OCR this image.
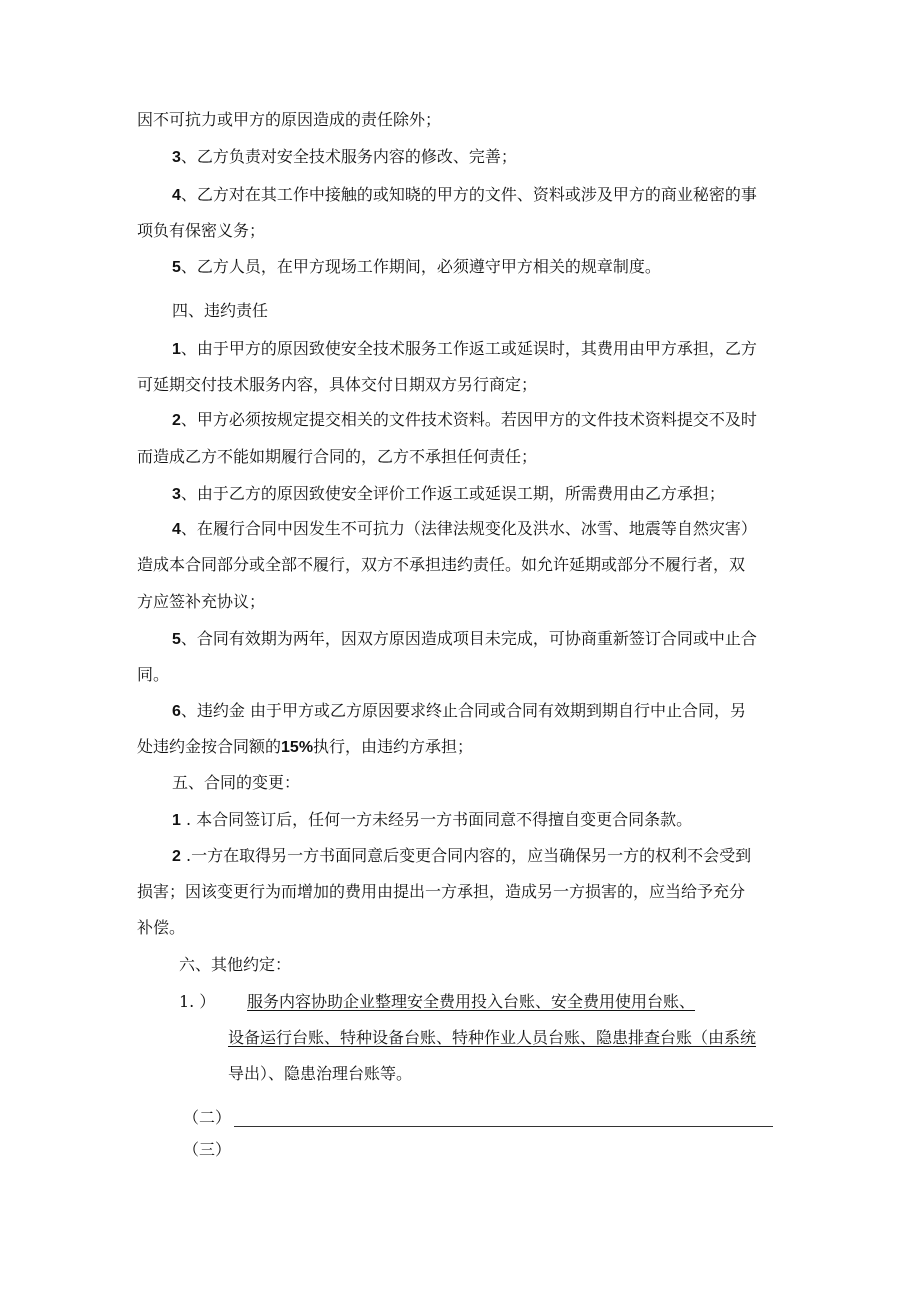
因不可抗力或甲方的原因造成的责任除外；
3、乙方负责对安全技术服务内容的修改、完善；
4、乙方对在其工作中接触的或知晓的甲方的文件、资料或涉及甲方的商业秘密的事
项负有保密义务；
5、乙方人员，在甲方现场工作期间，必须遵守甲方相关的规章制度。
四、违约责任
1、由于甲方的原因致使安全技术服务工作返工或延误时，其费用由甲方承担，乙方
可延期交付技术服务内容，具体交付日期双方另行商定；
2、甲方必须按规定提交相关的文件技术资料。若因甲方的文件技术资料提交不及时
而造成乙方不能如期履行合同的，乙方不承担任何责任；
3、由于乙方的原因致使安全评价工作返工或延误工期，所需费用由乙方承担；
4、在履行合同中因发生不可抗力（法律法规变化及洪水、冰雪、地震等自然灾害）
造成本合同部分或全部不履行，双方不承担违约责任。如允许延期或部分不履行者，双
方应签补充协议；
5、合同有效期为两年，因双方原因造成项目未完成，可协商重新签订合同或中止合
同。
6、违约金 由于甲方或乙方原因要求终止合同或合同有效期到期自行中止合同，另
处违约金按合同额的15%执行，由违约方承担；
五、合同的变更：
1 . 本合同签订后，任何一方未经另一方书面同意不得擅自变更合同条款。
2 .一方在取得另一方书面同意后变更合同内容的，应当确保另一方的权利不会受到
损害；因该变更行为而增加的费用由提出一方承担，造成另一方损害的，应当给予充分
补偿。
六、其他约定：
1. ） 服务内容协助企业整理安全费用投入台账、安全费用使用台账、
设备运行台账、特种设备台账、特种作业人员台账、隐患排查台账（由系统
导出）、隐患治理台账等。
（二）
（三）
